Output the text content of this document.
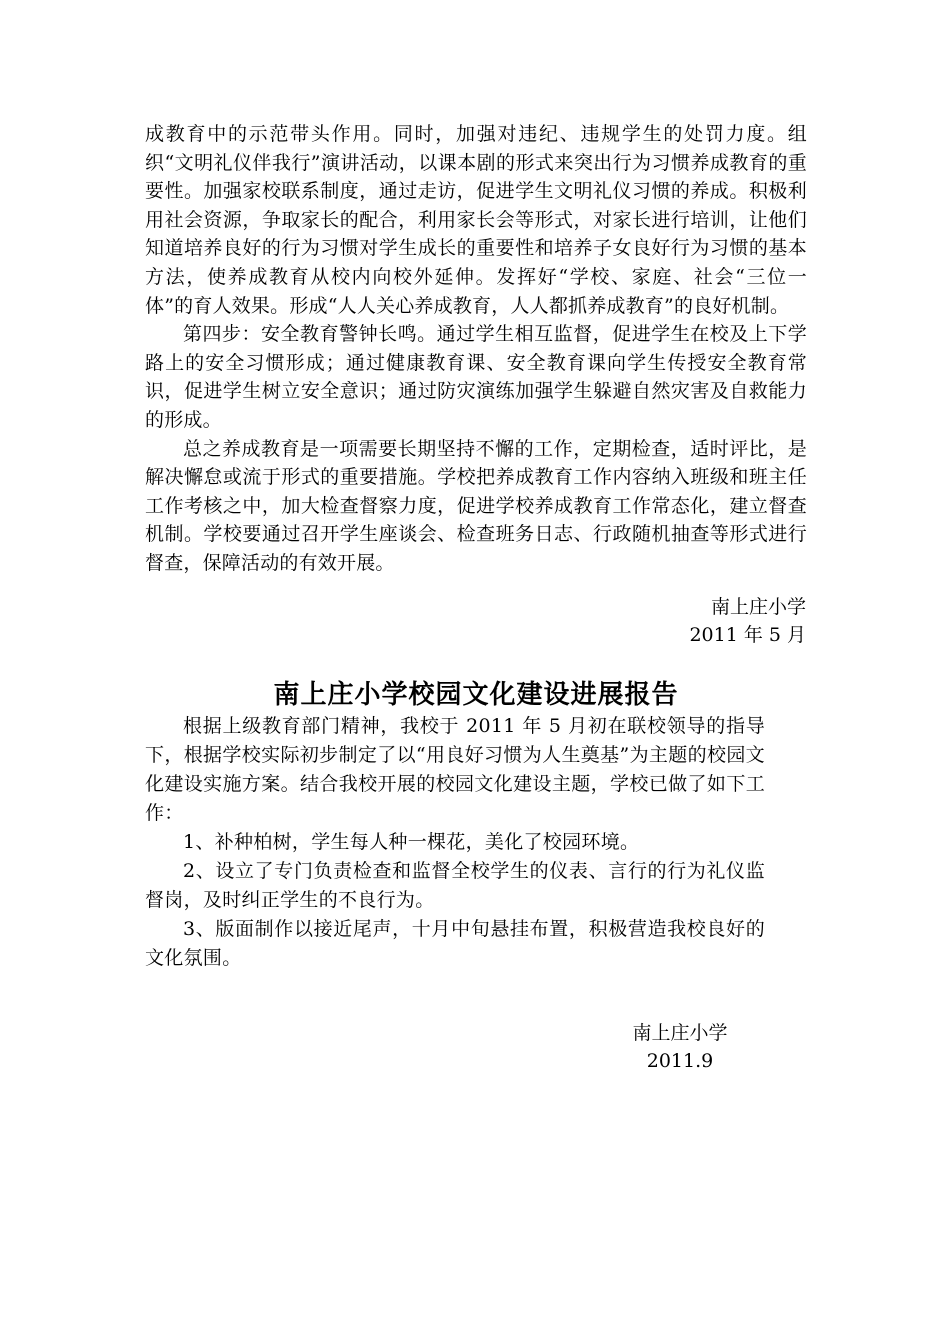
成教育中的示范带头作用。同时，加强对违纪、违规学生的处罚力度。组织“文明礼仪伴我行”演讲活动，以课本剧的形式来突出行为习惯养成教育的重要性。加强家校联系制度，通过走访，促进学生文明礼仪习惯的养成。积极利用社会资源，争取家长的配合，利用家长会等形式，对家长进行培训，让他们知道培养良好的行为习惯对学生成长的重要性和培养子女良好行为习惯的基本方法，使养成教育从校内向校外延伸。发挥好“学校、家庭、社会“三位一体”的育人效果。形成“人人关心养成教育，人人都抓养成教育”的良好机制。

第四步：安全教育警钟长鸣。通过学生相互监督，促进学生在校及上下学路上的安全习惯形成；通过健康教育课、安全教育课向学生传授安全教育常识，促进学生树立安全意识；通过防灾演练加强学生躲避自然灾害及自救能力的形成。

总之养成教育是一项需要长期坚持不懈的工作，定期检查，适时评比，是解决懈怠或流于形式的重要措施。学校把养成教育工作内容纳入班级和班主任工作考核之中，加大检查督察力度，促进学校养成教育工作常态化，建立督查机制。学校要通过召开学生座谈会、检查班务日志、行政随机抽查等形式进行督查，保障活动的有效开展。

南上庄小学
2011 年 5 月
南上庄小学校园文化建设进展报告

根据上级教育部门精神，我校于 2011 年 5 月初在联校领导的指导下，根据学校实际初步制定了以“用良好习惯为人生奠基”为主题的校园文化建设实施方案。结合我校开展的校园文化建设主题，学校已做了如下工作：

1、补种柏树，学生每人种一棵花，美化了校园环境。

2、设立了专门负责检查和监督全校学生的仪表、言行的行为礼仪监督岗，及时纠正学生的不良行为。

3、版面制作以接近尾声，十月中旬悬挂布置，积极营造我校良好的文化氛围。

南上庄小学
2011.9
